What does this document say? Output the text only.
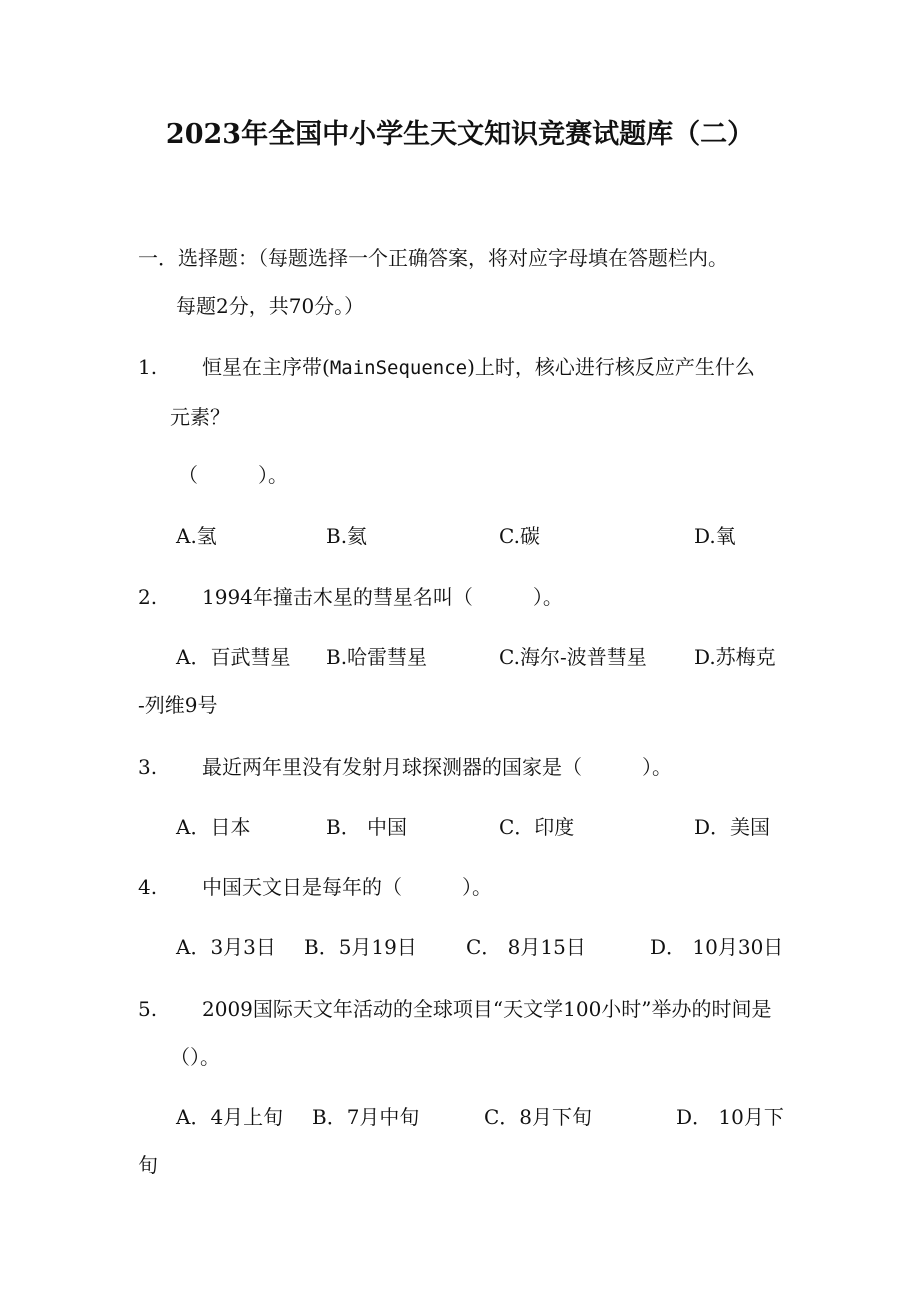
2023年全国中小学生天文知识竞赛试题库（二）
一．选择题：（每题选择一个正确答案，将对应字母填在答题栏内。
每题2分，共70分。）
1. 恒星在主序带(MainSequence)上时，核心进行核反应产生什么
元素？
（　　　）。
A.氢	B.氦	C.碳	D.氧
2. 1994年撞击木星的彗星名叫（　　　）。
A．百武彗星 B.哈雷彗星	C.海尔-波普彗星 D.苏梅克
-列维9号
3. 最近两年里没有发射月球探测器的国家是（　　　）。
A．日本	B． 中国	C．印度	D．美国
4. 中国天文日是每年的（　　　）。
A．3月3日 B．5月19日 C． 8月15日	D． 10月30日
5. 2009国际天文年活动的全球项目“天文学100小时”举办的时间是
（）。
A．4月上旬 B．7月中旬	C．8月下旬	D． 10月下
旬
